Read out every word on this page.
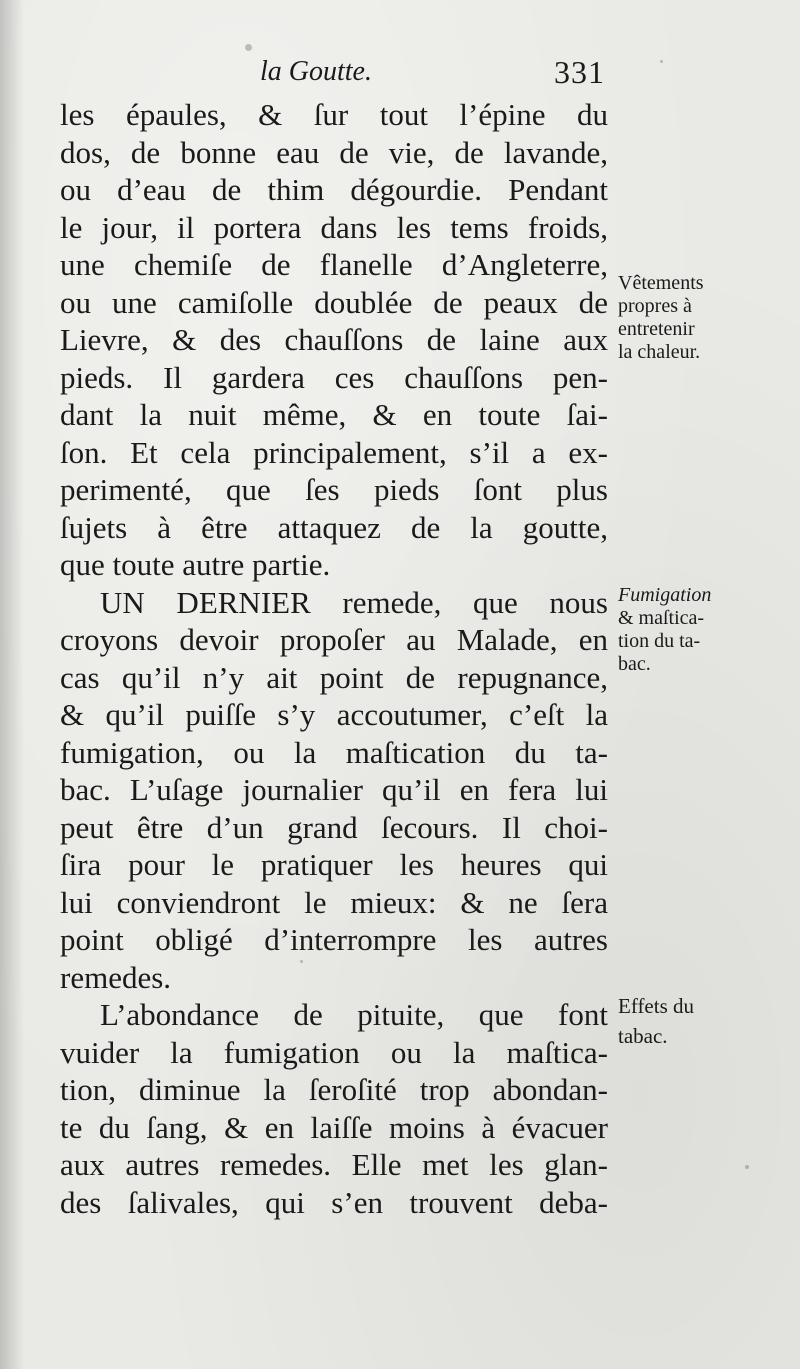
la Goutte.	331
les épaules, & ſur tout l’épine du
dos, de bonne eau de vie, de lavande,
ou d’eau de thim dégourdie. Pendant
le jour, il portera dans les tems froids,
une chemiſe de flanelle d’Angleterre,
ou une camiſolle doublée de peaux de
Lievre, & des chauſſons de laine aux
pieds. Il gardera ces chauſſons pen-
dant la nuit même, & en toute ſai-
ſon. Et cela principalement, s’il a ex-
perimenté, que ſes pieds ſont plus
ſujets à être attaquez de la goutte,
que toute autre partie.
UN DERNIER remede, que nous
croyons devoir propoſer au Malade, en
cas qu’il n’y ait point de repugnance,
& qu’il puiſſe s’y accoutumer, c’eſt la
fumigation, ou la maſtication du ta-
bac. L’uſage journalier qu’il en fera lui
peut être d’un grand ſecours. Il choi-
ſira pour le pratiquer les heures qui
lui conviendront le mieux: & ne ſera
point obligé d’interrompre les autres
remedes.
L’abondance de pituite, que font
vuider la fumigation ou la maſtica-
tion, diminue la ſeroſité trop abondan-
te du ſang, & en laiſſe moins à évacuer
aux autres remedes. Elle met les glan-
des ſalivales, qui s’en trouvent deba-
Vêtements
propres à
entretenir
la chaleur.
Fumigation
& maſtica-
tion du ta-
bac.
Effets du
tabac.
